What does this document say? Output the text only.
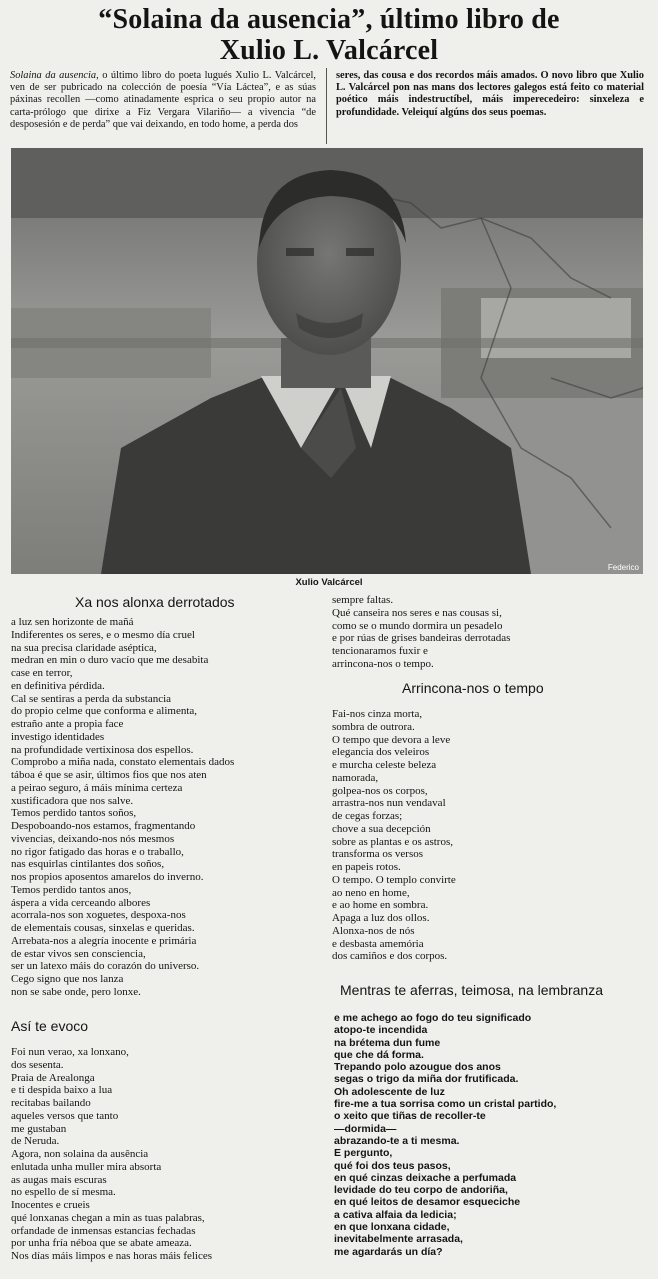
“Solaina da ausencia”, último libro de
Xulio L. Valcárcel
Solaina da ausencia, o último libro do poeta lugués Xulio L. Valcárcel, ven de ser pubricado na colección de poesía “Vía Láctea”, e as súas páxinas recollen —como atinadamente esprica o seu propio autor na carta-prólogo que dirixe a Fiz Vergara Vilariño— a vivencia “de desposesión e de perda” que vai deixando, en todo home, a perda dos
seres, das cousa e dos recordos máis amados. O novo libro que Xulio L. Valcárcel pon nas mans dos lectores galegos está feito co material poético máis indestructíbel, máis imperecedeiro: sinxeleza e profundidade. Veleiquí algúns dos seus poemas.
Federico
Xulio Valcárcel
Xa nos alonxa derrotados
a luz sen horizonte de mañá
Indiferentes os seres, e o mesmo día cruel
na sua precisa claridade aséptica,
medran en min o duro vacío que me desabita
case en terror,
en definitiva pérdida.
Cal se sentiras a perda da substancia
do propio celme que conforma e alimenta,
estraño ante a propia face
investigo identidades
na profundidade vertixinosa dos espellos.
Comprobo a miña nada, constato elementais dados
táboa é que se asir, últimos fios que nos aten
a peirao seguro, á máis mínima certeza
xustificadora que nos salve.
Temos perdido tantos soños,
Despoboando-nos estamos, fragmentando
vivencias, deixando-nos nós mesmos
no rigor fatigado das horas e o traballo,
nas esquirlas cintilantes dos soños,
nos propios aposentos amarelos do inverno.
Temos perdido tantos anos,
áspera a vida cerceando albores
acorrala-nos son xoguetes, despoxa-nos
de elementais cousas, sinxelas e queridas.
Arrebata-nos a alegría inocente e primária
de estar vivos sen consciencia,
ser un latexo máis do corazón do universo.
Cego signo que nos lanza
non se sabe onde, pero lonxe.
sempre faltas.
Qué canseira nos seres e nas cousas si,
como se o mundo dormira un pesadelo
e por rúas de grises bandeiras derrotadas
tencionaramos fuxir e
arrincona-nos o tempo.
Así te evoco
Foi nun verao, xa lonxano,
dos sesenta.
Praia de Arealonga
e ti despida baixo a lua
recitabas bailando
aqueles versos que tanto
me gustaban
de Neruda.
Agora, non solaina da ausência
enlutada unha muller mira absorta
as augas mais escuras
no espello de sí mesma.
Inocentes e crueis
qué lonxanas chegan a min as tuas palabras,
orfandade de inmensas estancias fechadas
por unha fría néboa que se abate ameaza.
Nos días máis limpos e nas horas máis felices
Arrincona-nos o tempo
Fai-nos cinza morta,
sombra de outrora.
O tempo que devora a leve
elegancia dos veleiros
e murcha celeste beleza
namorada,
golpea-nos os corpos,
arrastra-nos nun vendaval
de cegas forzas;
chove a sua decepción
sobre as plantas e os astros,
transforma os versos
en papeis rotos.
O tempo. O templo convirte
ao neno en home,
e ao home en sombra.
Apaga a luz dos ollos.
Alonxa-nos de nós
e desbasta amemória
dos camiños e dos corpos.
Mentras te aferras, teimosa, na lembranza
e me achego ao fogo do teu significado
atopo-te incendida
na brétema dun fume
que che dá forma.
Trepando polo azougue dos anos
segas o trigo da miña dor frutificada.
Oh adolescente de luz
fire-me a tua sorrisa como un cristal partido,
o xeito que tiñas de recoller-te
—dormida—
abrazando-te a ti mesma.
E pergunto,
qué foi dos teus pasos,
en qué cinzas deixache a perfumada
levidade do teu corpo de andoriña,
en qué leitos de desamor esqueciche
a cativa alfaia da ledicia;
en que lonxana cidade,
inevitabelmente arrasada,
me agardarás un día?
